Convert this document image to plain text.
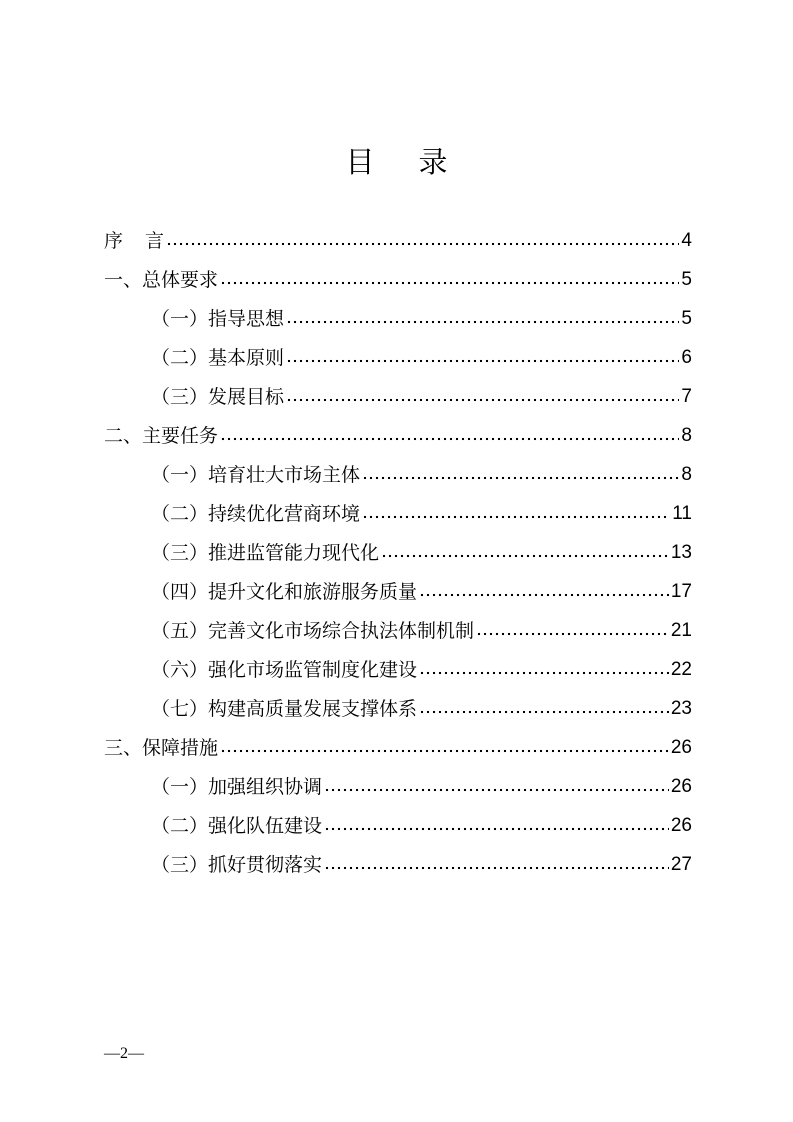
目 录
序 言	4
一、总体要求	5
（一）指导思想	5
（二）基本原则	6
（三）发展目标	7
二、主要任务	8
（一）培育壮大市场主体	8
（二）持续优化营商环境	11
（三）推进监管能力现代化	13
（四）提升文化和旅游服务质量	17
（五）完善文化市场综合执法体制机制	21
（六）强化市场监管制度化建设	22
（七）构建高质量发展支撑体系	23
三、保障措施	26
（一）加强组织协调	26
（二）强化队伍建设	26
（三）抓好贯彻落实	27
—2—
